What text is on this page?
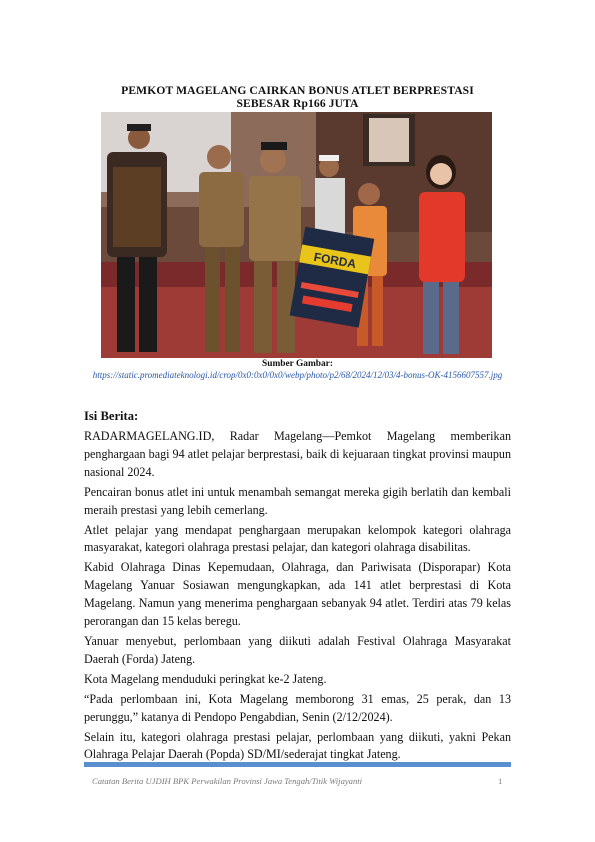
PEMKOT MAGELANG CAIRKAN BONUS ATLET BERPRESTASI
SEBESAR Rp166 JUTA
FORDA
Sumber Gambar:
https://static.promediateknologi.id/crop/0x0:0x0/0x0/webp/photo/p2/68/2024/12/03/4-bonus-OK-4156607557.jpg
Isi Berita:

RADARMAGELANG.ID, Radar Magelang—Pemkot Magelang memberikan penghargaan bagi 94 atlet pelajar berprestasi, baik di kejuaraan tingkat provinsi maupun nasional 2024.

Pencairan bonus atlet ini untuk menambah semangat mereka gigih berlatih dan kembali meraih prestasi yang lebih cemerlang.

Atlet pelajar yang mendapat penghargaan merupakan kelompok kategori olahraga masyarakat, kategori olahraga prestasi pelajar, dan kategori olahraga disabilitas.

Kabid Olahraga Dinas Kepemudaan, Olahraga, dan Pariwisata (Disporapar) Kota Magelang Yanuar Sosiawan mengungkapkan, ada 141 atlet berprestasi di Kota Magelang. Namun yang menerima penghargaan sebanyak 94 atlet. Terdiri atas 79 kelas perorangan dan 15 kelas beregu.

Yanuar menyebut, perlombaan yang diikuti adalah Festival Olahraga Masyarakat Daerah (Forda) Jateng.

Kota Magelang menduduki peringkat ke-2 Jateng.

“Pada perlombaan ini, Kota Magelang memborong 31 emas, 25 perak, dan 13 perunggu,” katanya di Pendopo Pengabdian, Senin (2/12/2024).

Selain itu, kategori olahraga prestasi pelajar, perlombaan yang diikuti, yakni Pekan Olahraga Pelajar Daerah (Popda) SD/MI/sederajat tingkat Jateng.

Catatan Berita UJDIH BPK Perwakilan Provinsi Jawa Tengah/Titik Wijayanti	1
